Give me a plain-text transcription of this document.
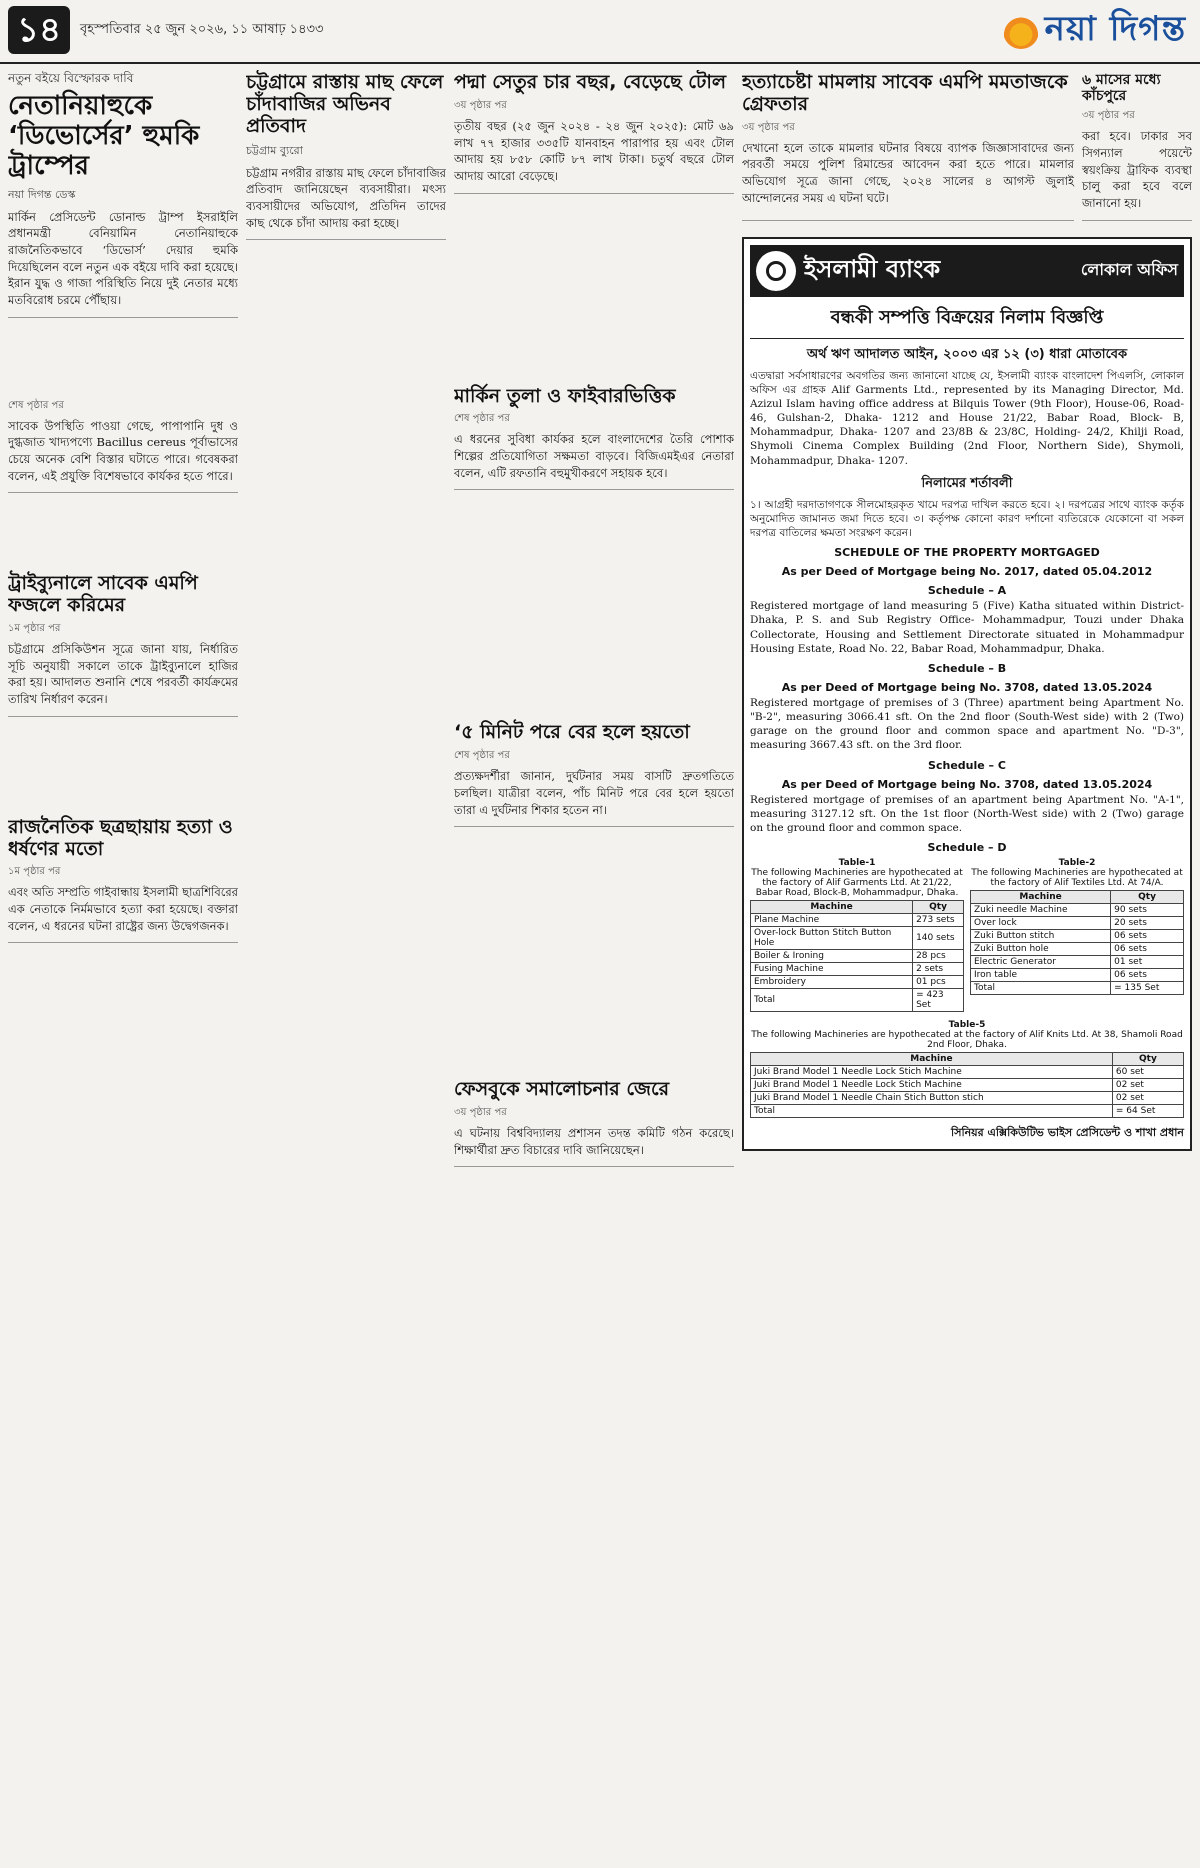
১৪	বৃহস্পতিবার ২৫ জুন ২০২৬, ১১ আষাঢ় ১৪৩৩	নয়া দিগন্ত
নতুন বইয়ে বিস্ফোরক দাবি
নেতানিয়াহুকে ‘ডিভোর্সের’ হুমকি ট্রাম্পের
নয়া দিগন্ত ডেস্ক
মার্কিন প্রেসিডেন্ট ডোনাল্ড ট্রাম্প ইসরাইলি প্রধানমন্ত্রী বেনিয়ামিন নেতানিয়াহুকে রাজনৈতিকভাবে ‘ডিভোর্স’ দেয়ার হুমকি দিয়েছিলেন বলে নতুন এক বইয়ে দাবি করা হয়েছে। ইরান যুদ্ধ ও গাজা পরিস্থিতি নিয়ে দুই নেতার মধ্যে মতবিরোধ চরমে পৌঁছায়।
শেষ পৃষ্ঠার পর
সাবেক উপস্থিতি পাওয়া গেছে, পাপাপানি দুধ ও দুগ্ধজাত খাদ্যপণ্যে Bacillus cereus পূর্বাভাসের চেয়ে অনেক বেশি বিস্তার ঘটাতে পারে। গবেষকরা বলেন, এই প্রযুক্তি বিশেষভাবে কার্যকর হতে পারে।
ট্রাইব্যুনালে সাবেক এমপি ফজলে করিমের
১ম পৃষ্ঠার পর
চট্টগ্রামে প্রসিকিউশন সূত্রে জানা যায়, নির্ধারিত সূচি অনুযায়ী সকালে তাকে ট্রাইব্যুনালে হাজির করা হয়। আদালত শুনানি শেষে পরবর্তী কার্যক্রমের তারিখ নির্ধারণ করেন।
রাজনৈতিক ছত্রছায়ায় হত্যা ও ধর্ষণের মতো
১ম পৃষ্ঠার পর
এবং অতি সম্প্রতি গাইবান্ধায় ইসলামী ছাত্রশিবিরের এক নেতাকে নির্মমভাবে হত্যা করা হয়েছে। বক্তারা বলেন, এ ধরনের ঘটনা রাষ্ট্রের জন্য উদ্বেগজনক।
চট্টগ্রামে রাস্তায় মাছ ফেলে চাঁদাবাজির অভিনব প্রতিবাদ
চট্টগ্রাম ব্যুরো
চট্টগ্রাম নগরীর রাস্তায় মাছ ফেলে চাঁদাবাজির প্রতিবাদ জানিয়েছেন ব্যবসায়ীরা। মৎস্য ব্যবসায়ীদের অভিযোগ, প্রতিদিন তাদের কাছ থেকে চাঁদা আদায় করা হচ্ছে।
পদ্মা সেতুর চার বছর, বেড়েছে টোল
৩য় পৃষ্ঠার পর
তৃতীয় বছর (২৫ জুন ২০২৪ - ২৪ জুন ২০২৫): মোট ৬৯ লাখ ৭৭ হাজার ৩৩৫টি যানবাহন পারাপার হয় এবং টোল আদায় হয় ৮৫৮ কোটি ৮৭ লাখ টাকা। চতুর্থ বছরে টোল আদায় আরো বেড়েছে।
মার্কিন তুলা ও ফাইবারভিত্তিক
শেষ পৃষ্ঠার পর
এ ধরনের সুবিধা কার্যকর হলে বাংলাদেশের তৈরি পোশাক শিল্পের প্রতিযোগিতা সক্ষমতা বাড়বে। বিজিএমইএর নেতারা বলেন, এটি রফতানি বহুমুখীকরণে সহায়ক হবে।
‘৫ মিনিট পরে বের হলে হয়তো
শেষ পৃষ্ঠার পর
প্রত্যক্ষদর্শীরা জানান, দুর্ঘটনার সময় বাসটি দ্রুতগতিতে চলছিল। যাত্রীরা বলেন, পাঁচ মিনিট পরে বের হলে হয়তো তারা এ দুর্ঘটনার শিকার হতেন না।
ফেসবুকে সমালোচনার জেরে
৩য় পৃষ্ঠার পর
এ ঘটনায় বিশ্ববিদ্যালয় প্রশাসন তদন্ত কমিটি গঠন করেছে। শিক্ষার্থীরা দ্রুত বিচারের দাবি জানিয়েছেন।
হত্যাচেষ্টা মামলায় সাবেক এমপি মমতাজকে গ্রেফতার
৩য় পৃষ্ঠার পর
দেখানো হলে তাকে মামলার ঘটনার বিষয়ে ব্যাপক জিজ্ঞাসাবাদের জন্য পরবর্তী সময়ে পুলিশ রিমান্ডের আবেদন করা হতে পারে। মামলার অভিযোগ সূত্রে জানা গেছে, ২০২৪ সালের ৪ আগস্ট জুলাই আন্দোলনের সময় এ ঘটনা ঘটে।
৬ মাসের মধ্যে কাঁচপুরে
৩য় পৃষ্ঠার পর
করা হবে। ঢাকার সব সিগন্যাল পয়েন্টে স্বয়ংক্রিয় ট্রাফিক ব্যবস্থা চালু করা হবে বলে জানানো হয়।
ইসলামী ব্যাংক	লোকাল অফিস
বন্ধকী সম্পত্তি বিক্রয়ের নিলাম বিজ্ঞপ্তি
অর্থ ঋণ আদালত আইন, ২০০৩ এর ১২ (৩) ধারা মোতাবেক
এতদ্বারা সর্বসাধারণের অবগতির জন্য জানানো যাচ্ছে যে, ইসলামী ব্যাংক বাংলাদেশ পিএলসি, লোকাল অফিস এর গ্রাহক Alif Garments Ltd., represented by its Managing Director, Md. Azizul Islam having office address at Bilquis Tower (9th Floor), House-06, Road- 46, Gulshan-2, Dhaka- 1212 and House 21/22, Babar Road, Block- B, Mohammadpur, Dhaka- 1207 and 23/8B & 23/8C, Holding- 24/2, Khilji Road, Shymoli Cinema Complex Building (2nd Floor, Northern Side), Shymoli, Mohammadpur, Dhaka- 1207.
নিলামের শর্তাবলী
১। আগ্রহী দরদাতাগণকে সীলমোহরকৃত খামে দরপত্র দাখিল করতে হবে। ২। দরপত্রের সাথে ব্যাংক কর্তৃক অনুমোদিত জামানত জমা দিতে হবে। ৩। কর্তৃপক্ষ কোনো কারণ দর্শানো ব্যতিরেকে যেকোনো বা সকল দরপত্র বাতিলের ক্ষমতা সংরক্ষণ করেন।
SCHEDULE OF THE PROPERTY MORTGAGED
As per Deed of Mortgage being No. 2017, dated 05.04.2012
Schedule – A
Registered mortgage of land measuring 5 (Five) Katha situated within District- Dhaka, P. S. and Sub Registry Office- Mohammadpur, Touzi under Dhaka Collectorate, Housing and Settlement Directorate situated in Mohammadpur Housing Estate, Road No. 22, Babar Road, Mohammadpur, Dhaka.
Schedule – B
As per Deed of Mortgage being No. 3708, dated 13.05.2024
Registered mortgage of premises of 3 (Three) apartment being Apartment No. "B-2", measuring 3066.41 sft. On the 2nd floor (South-West side) with 2 (Two) garage on the ground floor and common space and apartment No. "D-3", measuring 3667.43 sft. on the 3rd floor.
Schedule – C
As per Deed of Mortgage being No. 3708, dated 13.05.2024
Registered mortgage of premises of an apartment being Apartment No. "A-1", measuring 3127.12 sft. On the 1st floor (North-West side) with 2 (Two) garage on the ground floor and common space.
Schedule – D
Table-1
The following Machineries are hypothecated at the factory of Alif Garments Ltd. At 21/22, Babar Road, Block-B, Mohammadpur, Dhaka.
Machine	Qty
Plane Machine	273 sets
Over-lock Button Stitch Button Hole	140 sets
Boiler & Ironing	28 pcs
Fusing Machine	2 sets
Embroidery	01 pcs
Total	= 423 Set
Table-2
The following Machineries are hypothecated at the factory of Alif Textiles Ltd. At 74/A.
Machine	Qty
Zuki needle Machine	90 sets
Over lock	20 sets
Zuki Button stitch	06 sets
Zuki Button hole	06 sets
Electric Generator	01 set
Iron table	06 sets
Total	= 135 Set
Table-5
The following Machineries are hypothecated at the factory of Alif Knits Ltd. At 38, Shamoli Road 2nd Floor, Dhaka.
Machine	Qty
Juki Brand Model 1 Needle Lock Stich Machine	60 set
Juki Brand Model 1 Needle Lock Stich Machine	02 set
Juki Brand Model 1 Needle Chain Stich Button stich	02 set
Total	= 64 Set
সিনিয়র এক্সিকিউটিভ ভাইস প্রেসিডেন্ট ও শাখা প্রধান
